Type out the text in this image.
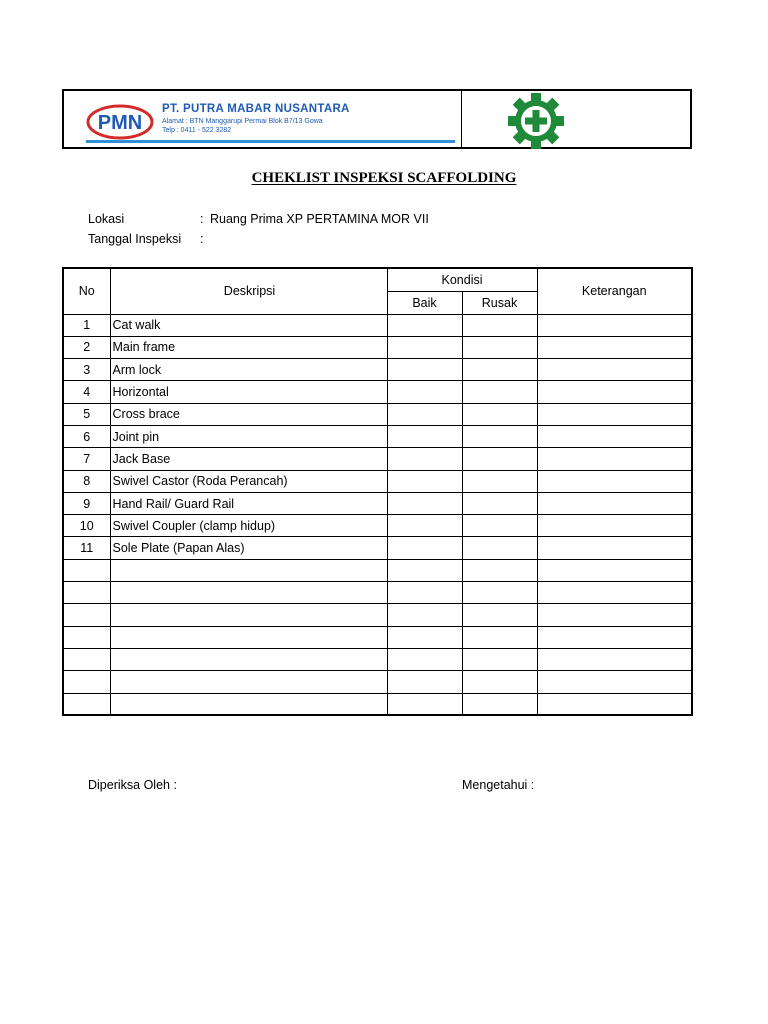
PMN
PT. PUTRA MABAR NUSANTARA
Alamat : BTN Manggarupi Permai Blok B7/13 Gowa
Telp : 0411 - 522 3282
CHEKLIST INSPEKSI SCAFFOLDING
Lokasi	: Ruang Prima XP PERTAMINA MOR VII
Tanggal Inspeksi :
No	Deskripsi	Kondisi		Keterangan
		Baik	Rusak	
1	Cat walk			
2	Main frame			
3	Arm lock			
4	Horizontal			
5	Cross brace			
6	Joint pin			
7	Jack Base			
8	Swivel Castor (Roda Perancah)			
9	Hand Rail/ Guard Rail			
10	Swivel Coupler (clamp hidup)			
11	Sole Plate (Papan Alas)			

Diperiksa Oleh :	Mengetahui :
